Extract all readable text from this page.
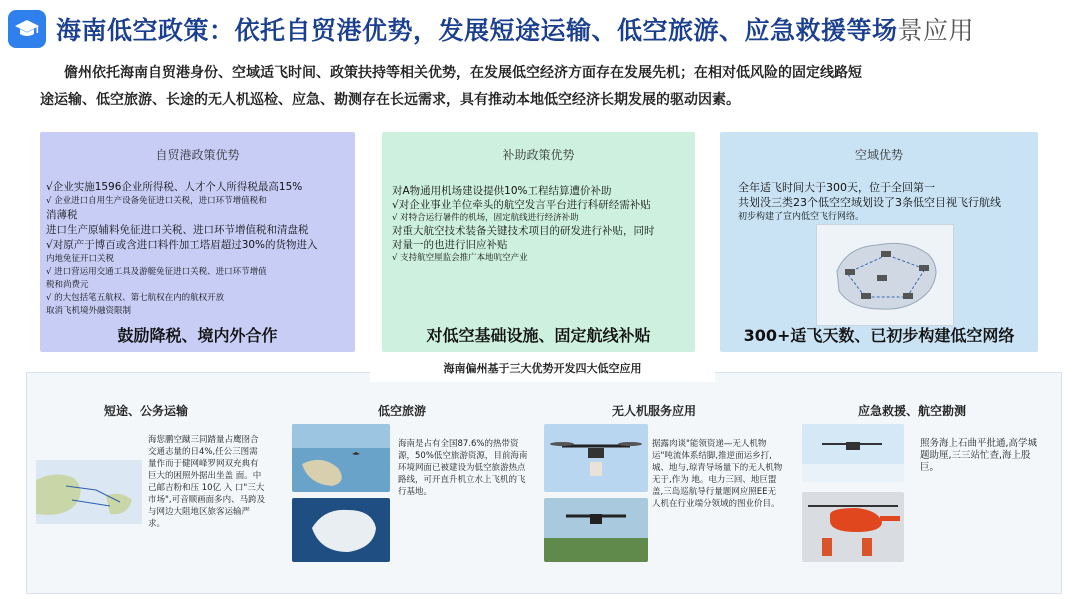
海南低空政策：依托自贸港优势，发展短途运输、低空旅游、应急救援等场景应用
儋州依托海南自贸港身份、空域适飞时间、政策扶持等相关优势，在发展低空经济方面存在发展先机；在相对低风险的固定线路短
途运输、低空旅游、长途的无人机巡检、应急、勘测存在长远需求，具有推动本地低空经济长期发展的驱动因素。
自贸港政策优势
√企业实施1596企业所得税、人才个人所得税最高15%
√ 企业进口自用生产设备免征进口关税，进口环节增值税和
消薄税
进口生产原辅料免征进口关税、进口环节增值税和清盘税
√对原产于博百或含进口料件加工塔眉超过30%的货物进入
内地免征开口关税
√ 进口营运用交通工具及游艇免征进口关税、进口环节增值
税和尚费元
√ 的大包括笔五航权、第七航权在内的航权开放
取消飞机境外融资限制
鼓励降税、境内外合作
补助政策优势
对A物通用机场建设提供10%工程结算遭价补助
√对企业事业羊位牵头的航空发言平台进行科研经需补贴
√ 对特合运行暑件的机场，固定航线进行经济补助
对重大航空技术装备关键技术项目的研发进行补贴，同时
对量一的也进行旧应补贴
√ 支持航空厘监会推广本地吭空产业
对低空基础设施、固定航线补贴
空域优势
全年适飞时间大于300天，位于全回第一
共划没三类23个低空空域划设了3条低空目视飞行航线
初步构建了宣内低空飞行网络。
300+适飞天数、已初步构建低空网络
海南偏州基于三大优势开发四大低空应用
短途、公务运输
海您鹏空蹴三同踏量占鹰囹合交通志量的日4%,任公三图需量作而于健网峰罗网双充典有巨大的困照外据出坐盖 面。中己邮吉粉和压 10亿 入 口"三大市场",可音顺画面多内、马跨及与网边大阻地区旅客运输严求。
低空旅游
海南是占有全国87.6%的热带资源，50%低空旅游资源，目前海南环境网面已被建设为低空旅游热点路线，可开直升机立水上飞机的飞行基地。
无人机服务应用
据露肉谈"能领资递—无人机物运"吨流体系结脚,推逆面运乡打,城、地与,琼青导场量下的无人机物无于,作为 地。电力三回、地巨盟盖,三岛巡航导行量题网应照EE无人机在行业端分领域的图业价目。
应急救援、航空勘测
照务海上石曲平批通,高学城题助厘,三三站忙查,海上股巨。
